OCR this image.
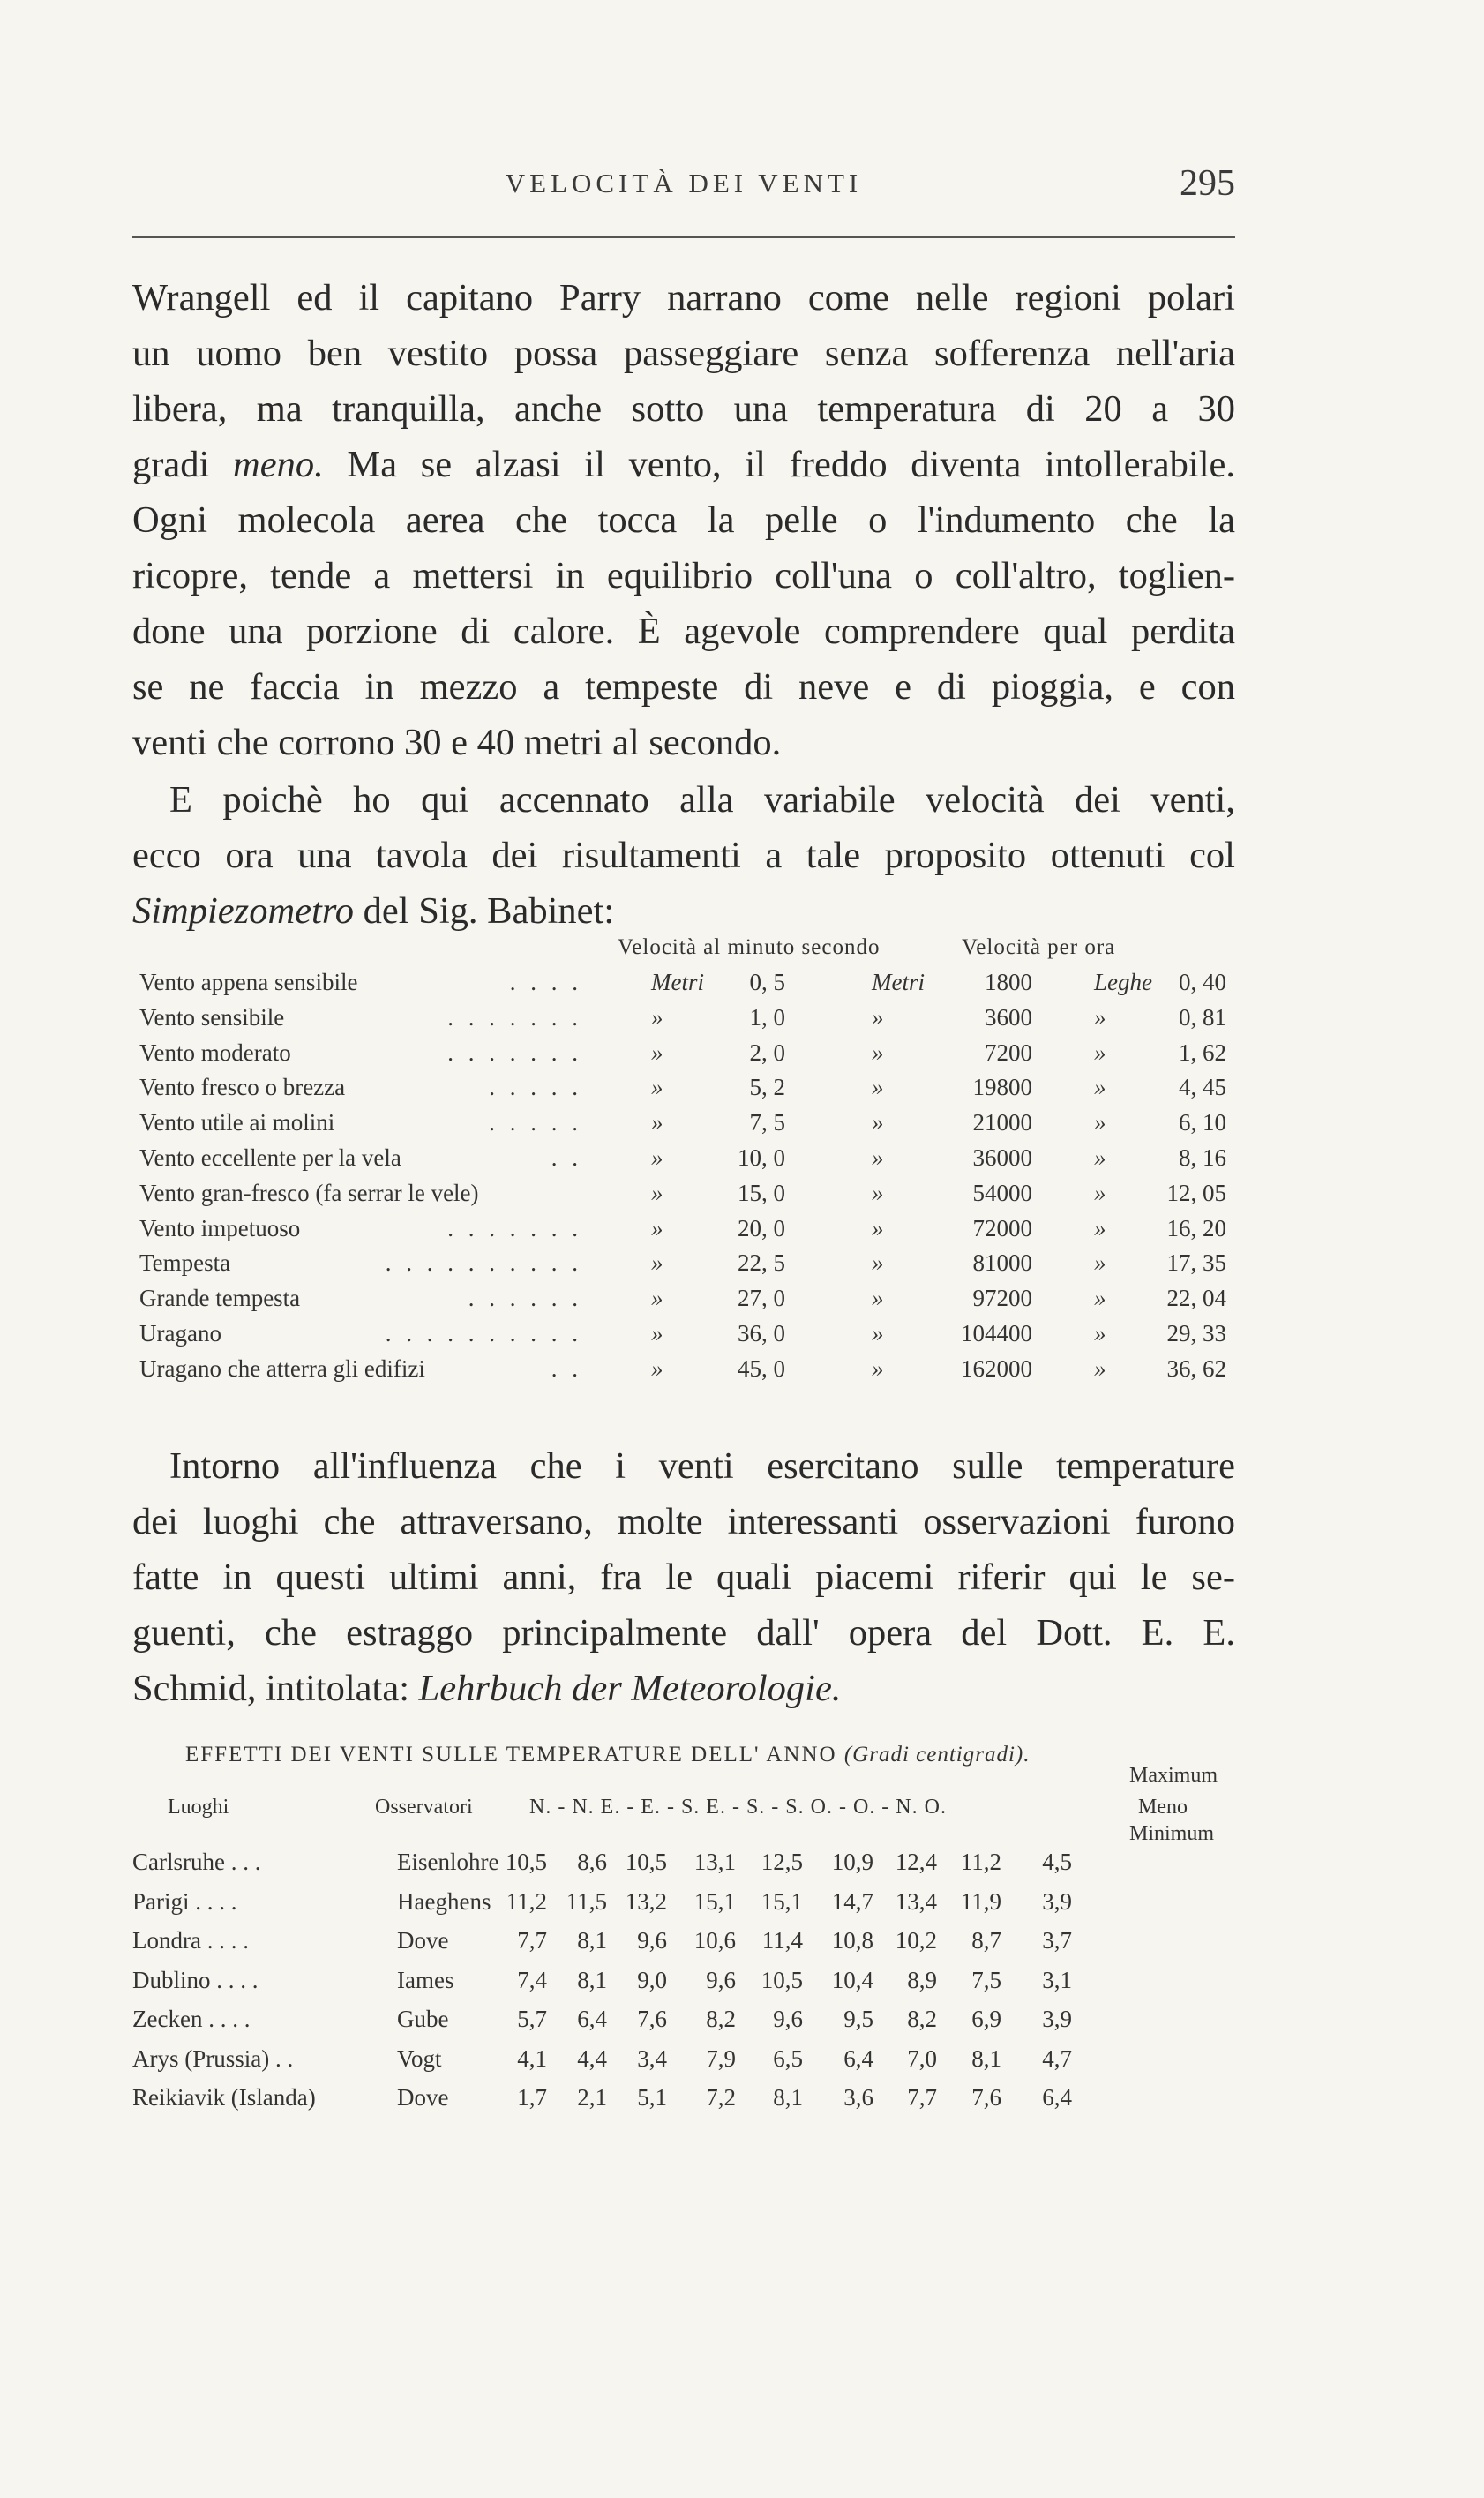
VELOCITÀ DEI VENTI	295
Wrangell ed il capitano Parry narrano come nelle regioni polari
un uomo ben vestito possa passeggiare senza sofferenza nell'aria
libera, ma tranquilla, anche sotto una temperatura di 20 a 30
gradi meno. Ma se alzasi il vento, il freddo diventa intollerabile.
Ogni molecola aerea che tocca la pelle o l'indumento che la
ricopre, tende a mettersi in equilibrio coll'una o coll'altro, toglien-
done una porzione di calore. È agevole comprendere qual perdita
se ne faccia in mezzo a tempeste di neve e di pioggia, e con
venti che corrono 30 e 40 metri al secondo.
E poichè ho qui accennato alla variabile velocità dei venti,
ecco ora una tavola dei risultamenti a tale proposito ottenuti col
Simpiezometro del Sig. Babinet:
Velocità al minuto secondo	Velocità per ora
Vento appena sensibile	. . . .	Metri	0, 5	Metri	1800	Leghe	0, 40
Vento sensibile	. . . . . . .	»	1, 0	»	3600	»	0, 81
Vento moderato	. . . . . . .	»	2, 0	»	7200	»	1, 62
Vento fresco o brezza	. . . . .	»	5, 2	»	19800	»	4, 45
Vento utile ai molini	. . . . .	»	7, 5	»	21000	»	6, 10
Vento eccellente per la vela	. .	»	10, 0	»	36000	»	8, 16
Vento gran-fresco (fa serrar le vele)	»	15, 0	»	54000	»	12, 05
Vento impetuoso	. . . . . . .	»	20, 0	»	72000	»	16, 20
Tempesta	. . . . . . . . . .	»	22, 5	»	81000	»	17, 35
Grande tempesta	. . . . . .	»	27, 0	»	97200	»	22, 04
Uragano	. . . . . . . . . .	»	36, 0	»	104400	»	29, 33
Uragano che atterra gli edifizi	. .	»	45, 0	»	162000	»	36, 62
Intorno all'influenza che i venti esercitano sulle temperature
dei luoghi che attraversano, molte interessanti osservazioni furono
fatte in questi ultimi anni, fra le quali piacemi riferir qui le se-
guenti, che estraggo principalmente dall' opera del Dott. E. E.
Schmid, intitolata: Lehrbuch der Meteorologie.
EFFETTI DEI VENTI SULLE TEMPERATURE DELL' ANNO (Gradi centigradi).
Luoghi	Osservatori	N. - N. E. - E. - S. E. - S. - S. O. - O. - N. O.
Maximum
Meno
Minimum
Carlsruhe . . .	Eisenlohre 10,5	8,6 10,5	13,1	12,5	10,9 12,4 11,2	4,5
Parigi . . . .	Haeghens 11,2 11,5 13,2	15,1	15,1	14,7 13,4 11,9	3,9
Londra . . . .	Dove	7,7	8,1	9,6	10,6	11,4	10,8 10,2	8,7	3,7
Dublino . . . .	Iames	7,4	8,1	9,0	9,6	10,5	10,4	8,9	7,5	3,1
Zecken . . . .	Gube	5,7	6,4	7,6	8,2	9,6	9,5	8,2	6,9	3,9
Arys (Prussia) . .	Vogt	4,1	4,4	3,4	7,9	6,5	6,4	7,0	8,1	4,7
Reikiavik (Islanda)	Dove	1,7	2,1	5,1	7,2	8,1	3,6	7,7	7,6	6,4
